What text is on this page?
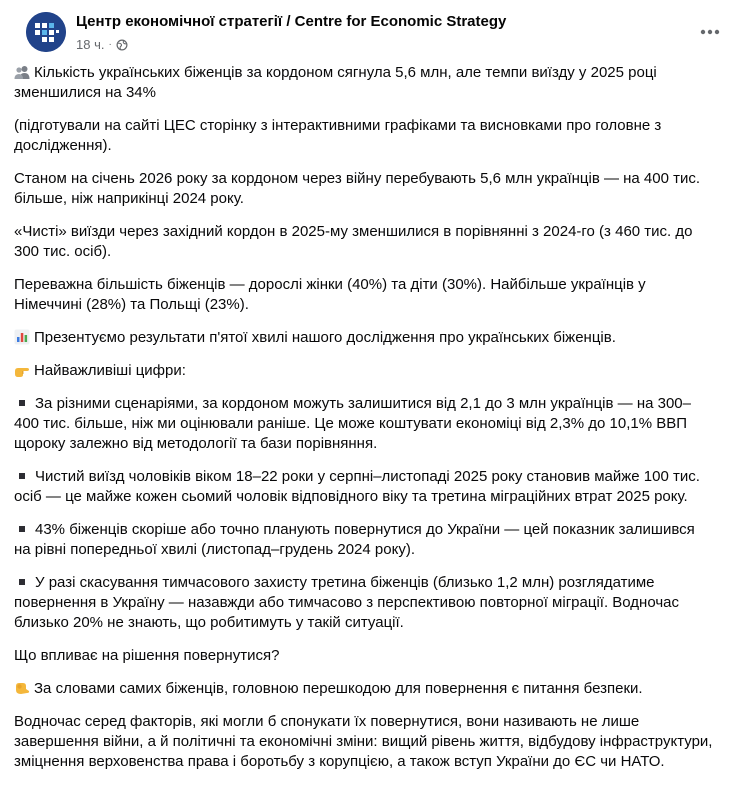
Центр економічної стратегії / Centre for Economic Strategy
18 ч. ·

Кількість українських біженців за кордоном сягнула 5,6 млн, але темпи виїзду у 2025 році зменшилися на 34%

(підготували на сайті ЦЕС сторінку з інтерактивними графіками та висновками про головне з дослідження).

Станом на січень 2026 року за кордоном через війну перебувають 5,6 млн українців — на 400 тис. більше, ніж наприкінці 2024 року.

«Чисті» виїзди через західний кордон в 2025-му зменшилися в порівнянні з 2024-го (з 460 тис. до 300 тис. осіб).

Переважна більшість біженців — дорослі жінки (40%) та діти (30%). Найбільше українців у Німеччині (28%) та Польщі (23%).

Презентуємо результати п'ятої хвилі нашого дослідження про українських біженців.

Найважливіші цифри:

За різними сценаріями, за кордоном можуть залишитися від 2,1 до 3 млн українців — на 300–400 тис. більше, ніж ми оцінювали раніше. Це може коштувати економіці від 2,3% до 10,1% ВВП щороку залежно від методології та бази порівняння.

Чистий виїзд чоловіків віком 18–22 роки у серпні–листопаді 2025 року становив майже 100 тис. осіб — це майже кожен сьомий чоловік відповідного віку та третина міграційних втрат 2025 року.

43% біженців скоріше або точно планують повернутися до України — цей показник залишився на рівні попередньої хвилі (листопад–грудень 2024 року).

У разі скасування тимчасового захисту третина біженців (близько 1,2 млн) розглядатиме повернення в Україну — назавжди або тимчасово з перспективою повторної міграції. Водночас близько 20% не знають, що робитимуть у такій ситуації.

Що впливає на рішення повернутися?

За словами самих біженців, головною перешкодою для повернення є питання безпеки.

Водночас серед факторів, які могли б спонукати їх повернутися, вони називають не лише завершення війни, а й політичні та економічні зміни: вищий рівень життя, відбудову інфраструктури, зміцнення верховенства права і боротьбу з корупцією, а також вступ України до ЄС чи НАТО.
